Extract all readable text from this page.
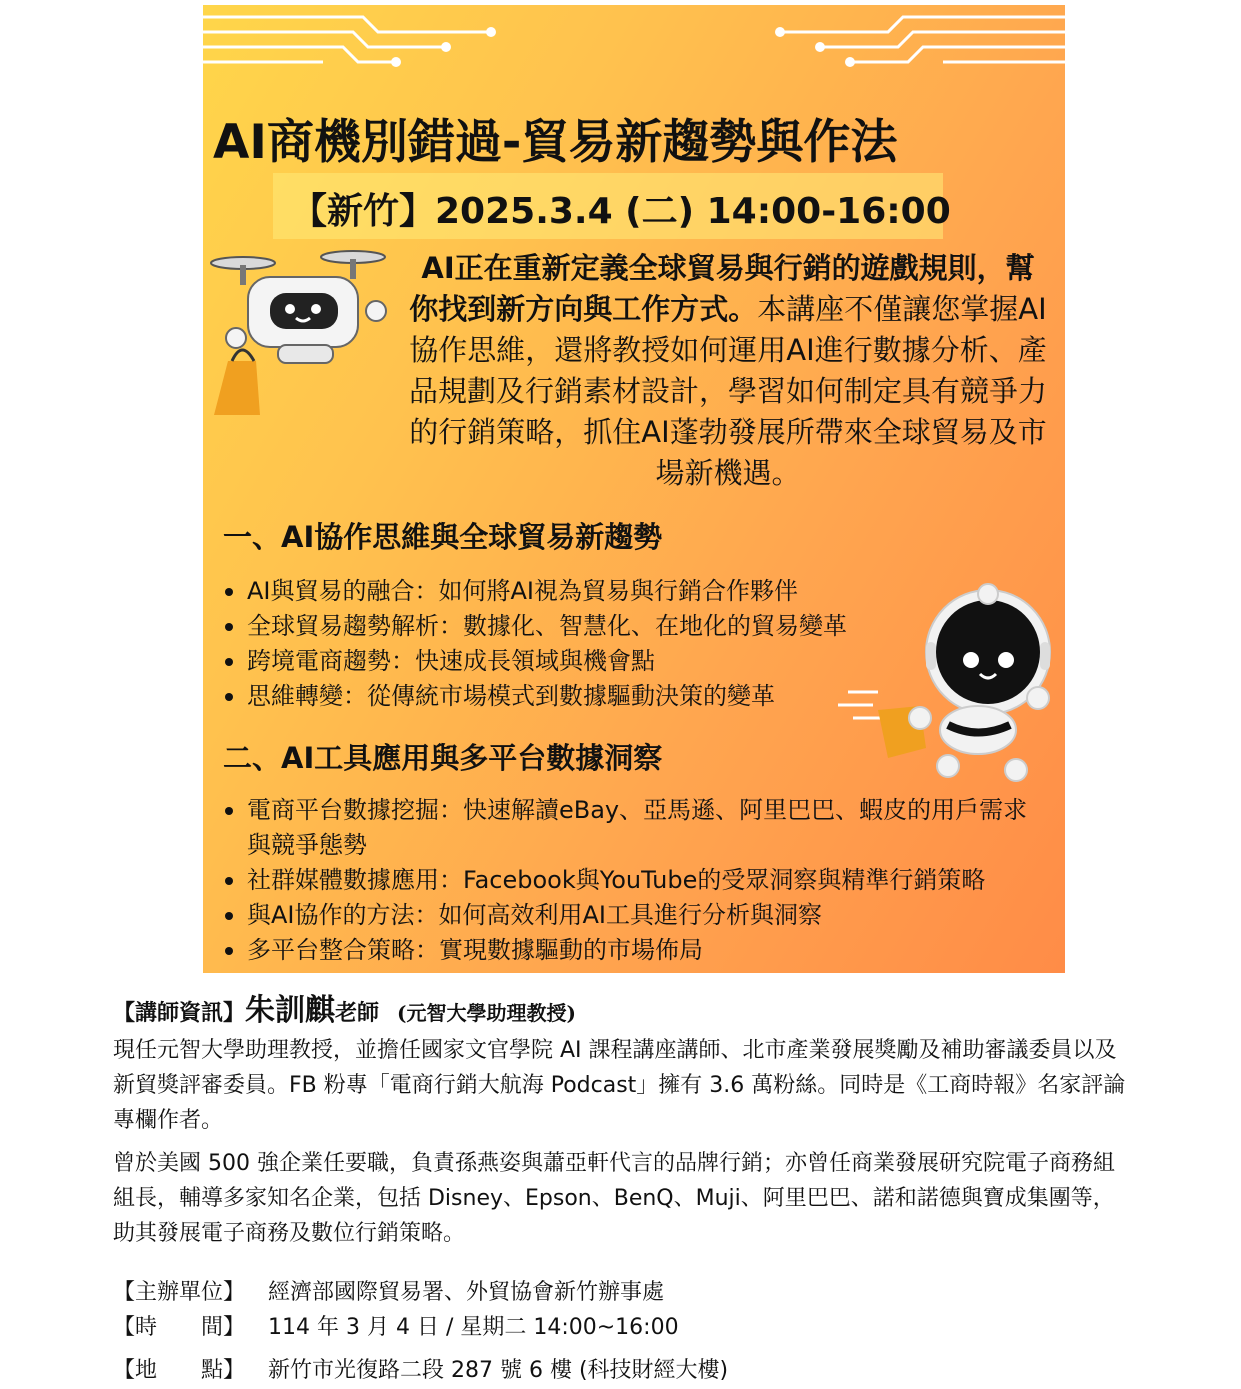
AI商機別錯過-貿易新趨勢與作法
【新竹】2025.3.4 (二) 14:00-16:00
AI正在重新定義全球貿易與行銷的遊戲規則，幫你找到新方向與工作方式。本講座不僅讓您掌握AI協作思維，還將教授如何運用AI進行數據分析、產品規劃及行銷素材設計，學習如何制定具有競爭力的行銷策略，抓住AI蓬勃發展所帶來全球貿易及市場新機遇。
一、AI協作思維與全球貿易新趨勢
AI與貿易的融合：如何將AI視為貿易與行銷合作夥伴
全球貿易趨勢解析：數據化、智慧化、在地化的貿易變革
跨境電商趨勢：快速成長領域與機會點
思維轉變：從傳統市場模式到數據驅動決策的變革
二、AI工具應用與多平台數據洞察
電商平台數據挖掘：快速解讀eBay、亞馬遜、阿里巴巴、蝦皮的用戶需求與競爭態勢
社群媒體數據應用：Facebook與YouTube的受眾洞察與精準行銷策略
與AI協作的方法：如何高效利用AI工具進行分析與洞察
多平台整合策略：實現數據驅動的市場佈局
【講師資訊】朱訓麒老師 (元智大學助理教授)

現任元智大學助理教授，並擔任國家文官學院 AI 課程講座講師、北市產業發展獎勵及補助審議委員以及新貿獎評審委員。FB 粉專「電商行銷大航海 Podcast」擁有 3.6 萬粉絲。同時是《工商時報》名家評論專欄作者。

曾於美國 500 強企業任要職，負責孫燕姿與蕭亞軒代言的品牌行銷；亦曾任商業發展研究院電子商務組組長，輔導多家知名企業，包括 Disney、Epson、BenQ、Muji、阿里巴巴、諾和諾德與寶成集團等，助其發展電子商務及數位行銷策略。

【主辦單位】 經濟部國際貿易署、外貿協會新竹辦事處
【時　　間】 114 年 3 月 4 日 / 星期二 14:00~16:00
【地　　點】 新竹市光復路二段 287 號 6 樓 (科技財經大樓)
